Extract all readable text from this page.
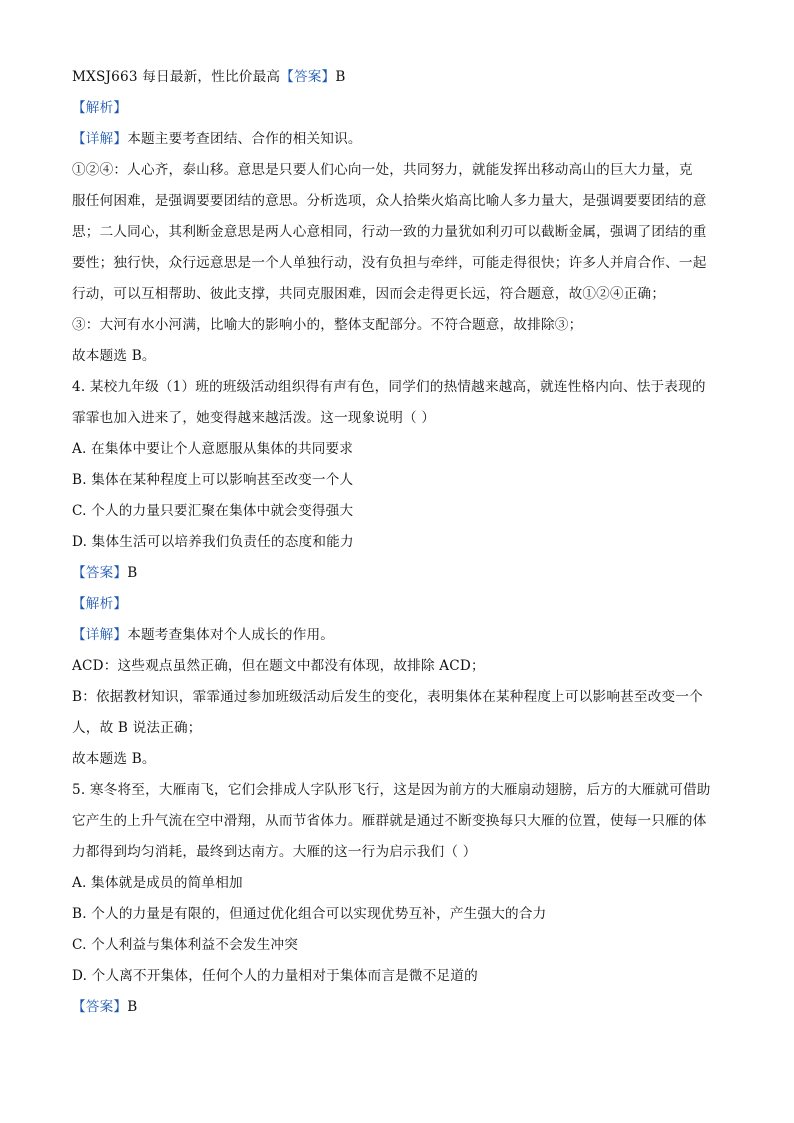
MXSJ663 每日最新，性比价最高【答案】B
【解析】
【详解】本题主要考查团结、合作的相关知识。
①②④：人心齐，泰山移。意思是只要人们心向一处，共同努力，就能发挥出移动高山的巨大力量，克
服任何困难，是强调要要团结的意思。分析选项，众人拾柴火焰高比喻人多力量大，是强调要要团结的意
思；二人同心，其利断金意思是两人心意相同，行动一致的力量犹如利刃可以截断金属，强调了团结的重
要性；独行快，众行远意思是一个人单独行动，没有负担与牵绊，可能走得很快；许多人并肩合作、一起
行动，可以互相帮助、彼此支撑，共同克服困难，因而会走得更长远，符合题意，故①②④正确；
③：大河有水小河满，比喻大的影响小的，整体支配部分。不符合题意，故排除③；
故本题选 B。
4. 某校九年级（1）班的班级活动组织得有声有色，同学们的热情越来越高，就连性格内向、怯于表现的
霏霏也加入进来了，她变得越来越活泼。这一现象说明（ ）
A. 在集体中要让个人意愿服从集体的共同要求
B. 集体在某种程度上可以影响甚至改变一个人
C. 个人的力量只要汇聚在集体中就会变得强大
D. 集体生活可以培养我们负责任的态度和能力
【答案】B
【解析】
【详解】本题考查集体对个人成长的作用。
ACD：这些观点虽然正确，但在题文中都没有体现，故排除 ACD；
B：依据教材知识，霏霏通过参加班级活动后发生的变化，表明集体在某种程度上可以影响甚至改变一个
人，故 B 说法正确；
故本题选 B。
5. 寒冬将至，大雁南飞，它们会排成人字队形飞行，这是因为前方的大雁扇动翅膀，后方的大雁就可借助
它产生的上升气流在空中滑翔，从而节省体力。雁群就是通过不断变换每只大雁的位置，使每一只雁的体
力都得到均匀消耗，最终到达南方。大雁的这一行为启示我们（ ）
A. 集体就是成员的简单相加
B. 个人的力量是有限的，但通过优化组合可以实现优势互补，产生强大的合力
C. 个人利益与集体利益不会发生冲突
D. 个人离不开集体，任何个人的力量相对于集体而言是微不足道的
【答案】B
